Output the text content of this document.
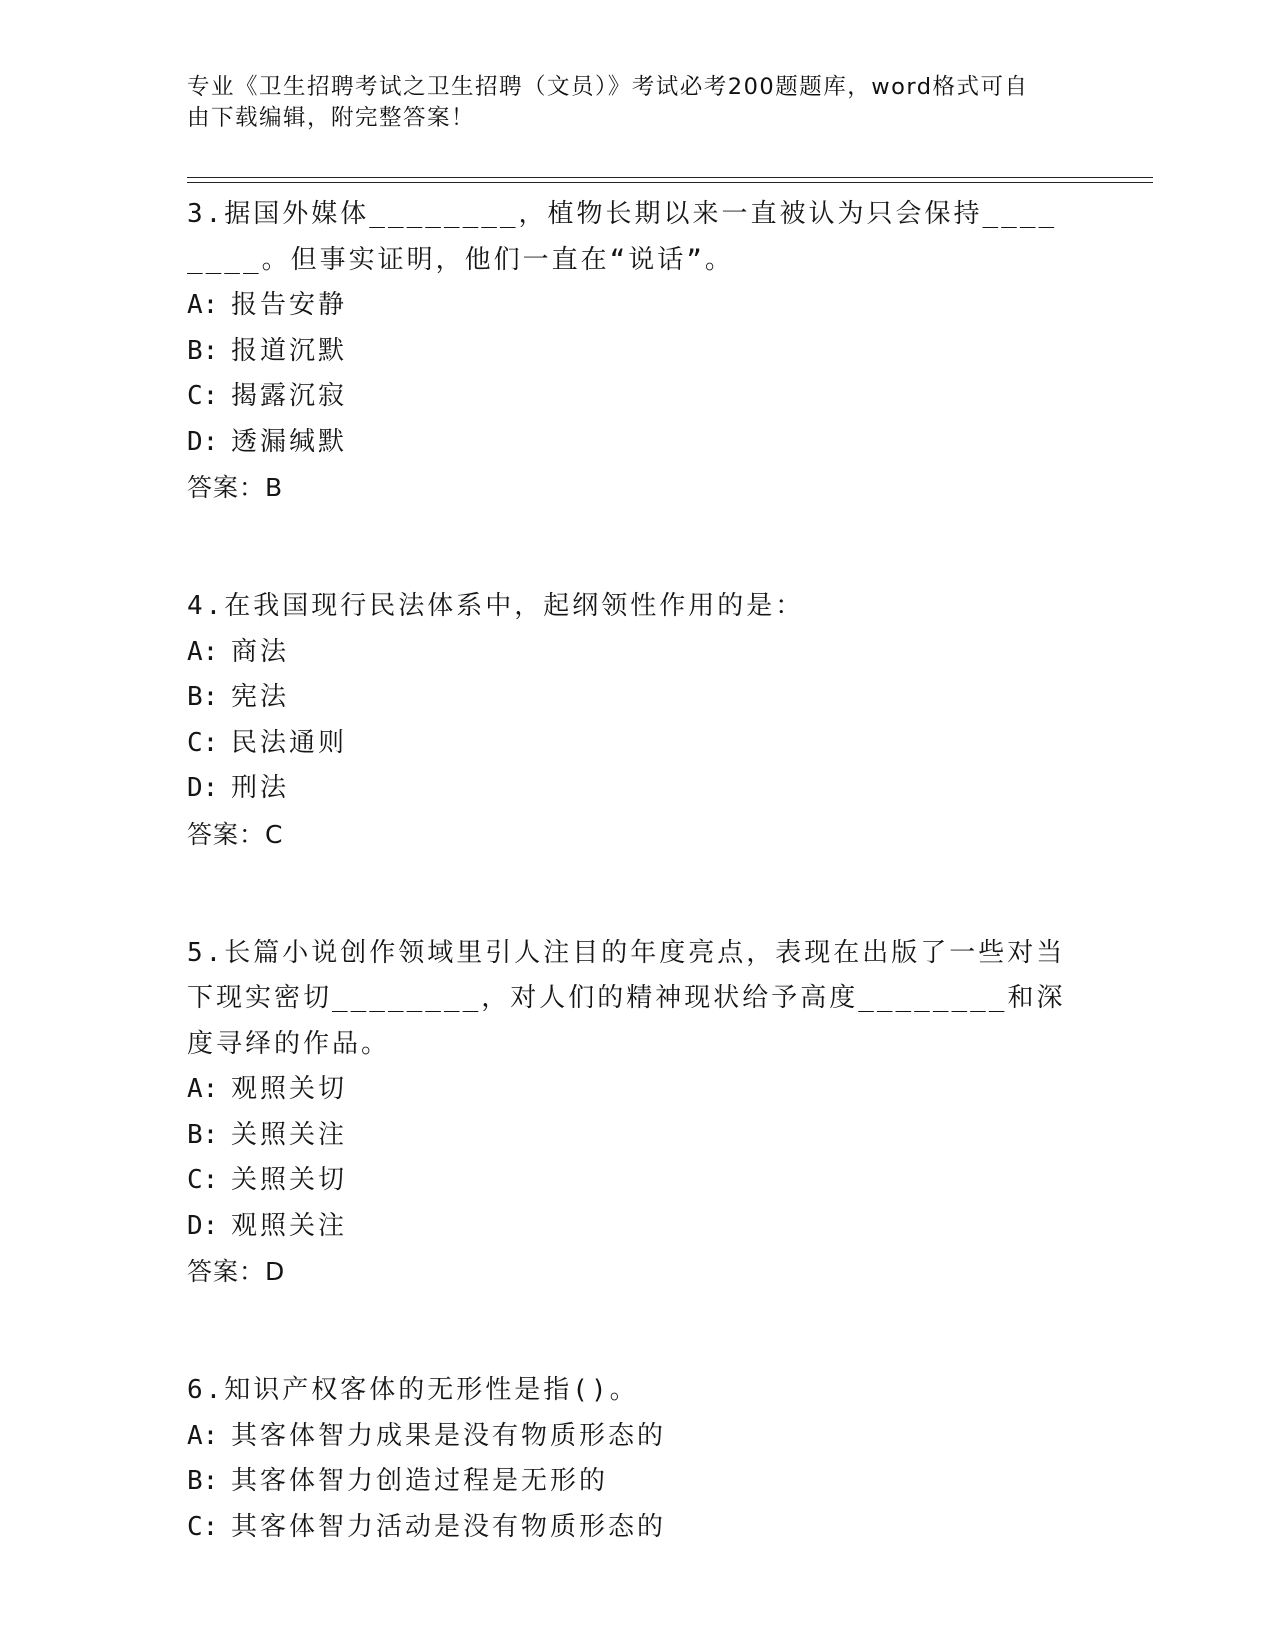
专业《卫生招聘考试之卫生招聘（文员）》考试必考200题题库，word格式可自
由下载编辑，附完整答案！

3.据国外媒体________，植物长期以来一直被认为只会保持________。但事实证明，他们一直在“说话”。

A: 报告安静

B: 报道沉默

C: 揭露沉寂

D: 透漏缄默

答案：B

4.在我国现行民法体系中，起纲领性作用的是：

A: 商法

B: 宪法

C: 民法通则

D: 刑法

答案：C

5.长篇小说创作领域里引人注目的年度亮点，表现在出版了一些对当下现实密切________，对人们的精神现状给予高度________和深度寻绎的作品。

A: 观照关切

B: 关照关注

C: 关照关切

D: 观照关注

答案：D

6.知识产权客体的无形性是指()。

A: 其客体智力成果是没有物质形态的

B: 其客体智力创造过程是无形的

C: 其客体智力活动是没有物质形态的
